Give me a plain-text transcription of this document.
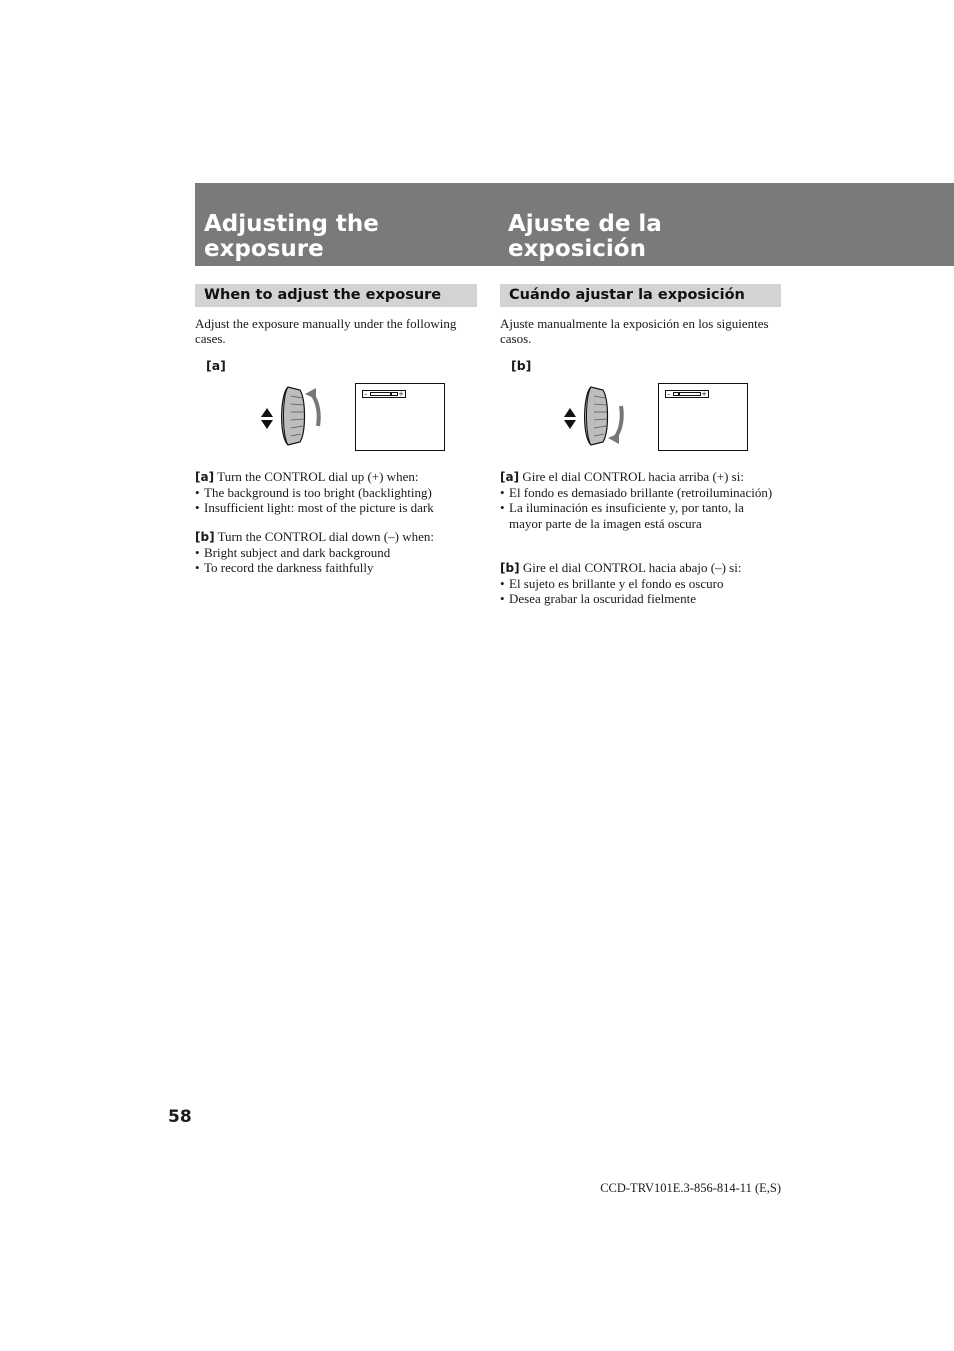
Adjusting the
exposure
Ajuste de la
exposición
When to adjust the exposure	Cuándo ajustar la exposición
Adjust the exposure manually under the following cases.
Ajuste manualmente la exposición en los siguientes casos.
[a]	[b]
–	+	–	+

[a] Turn the CONTROL dial up (+) when:

• The background is too bright (backlighting)
• Insufficient light: most of the picture is dark

[b] Turn the CONTROL dial down (–) when:

• Bright subject and dark background
• To record the darkness faithfully

[a] Gire el dial CONTROL hacia arriba (+) si:

• El fondo es demasiado brillante (retroiluminación)
• La iluminación es insuficiente y, por tanto, la mayor parte de la imagen está oscura

[b] Gire el dial CONTROL hacia abajo (–) si:

• El sujeto es brillante y el fondo es oscuro
• Desea grabar la oscuridad fielmente
58
CCD-TRV101E.3-856-814-11 (E,S)
